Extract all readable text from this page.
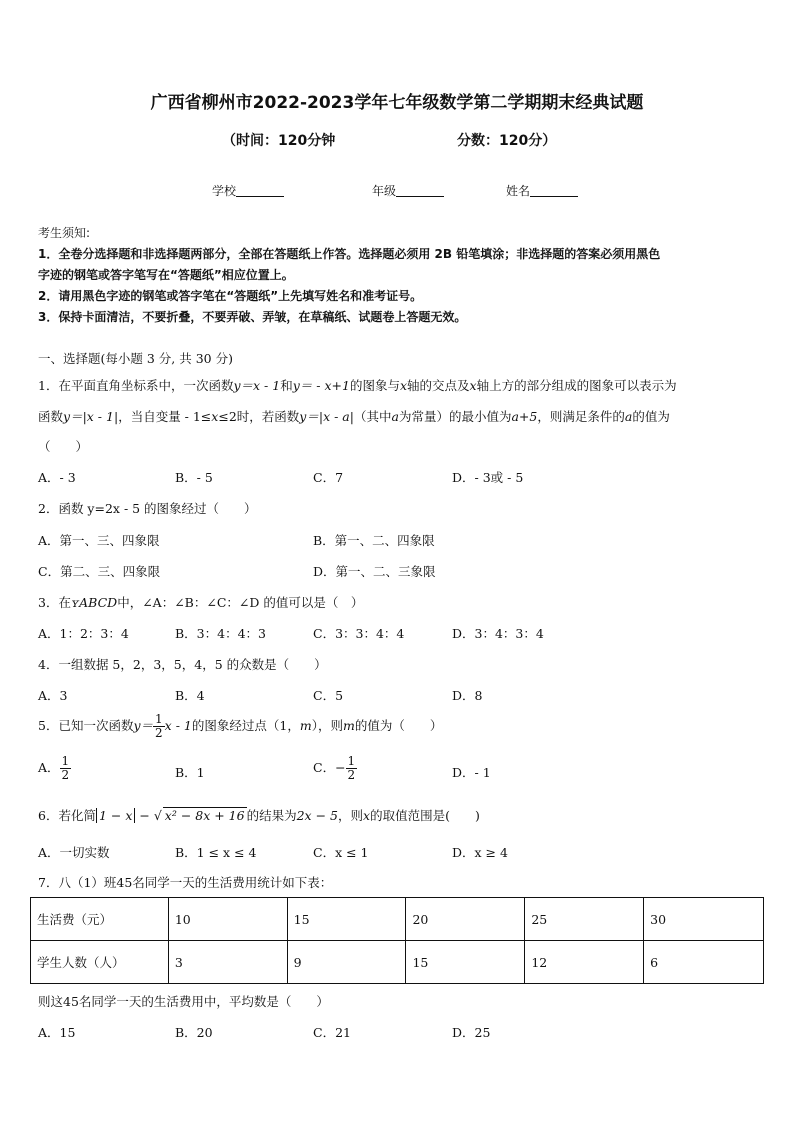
广西省柳州市2022-2023学年七年级数学第二学期期末经典试题
（时间：120分钟	分数：120分）
学校	年级	姓名
考生须知:
1．全卷分选择题和非选择题两部分，全部在答题纸上作答。选择题必须用 2B 铅笔填涂；非选择题的答案必须用黑色
字迹的钢笔或答字笔写在“答题纸”相应位置上。
2．请用黑色字迹的钢笔或答字笔在“答题纸”上先填写姓名和准考证号。
3．保持卡面清洁，不要折叠，不要弄破、弄皱，在草稿纸、试题卷上答题无效。
一、选择题(每小题 3 分, 共 30 分)
1．在平面直角坐标系中，一次函数y＝x - 1和y＝ - x+1的图象与x轴的交点及x轴上方的部分组成的图象可以表示为
函数y＝|x - 1|，当自变量 - 1≤x≤2时，若函数y＝|x - a|（其中a为常量）的最小值为a+5，则满足条件的a的值为
（　　）
A．- 3	B．- 5	C．7	D．- 3或 - 5
2．函数 y=2x - 5 的图象经过（　　）
A．第一、三、四象限	B．第一、二、四象限
C．第二、三、四象限	D．第一、二、三象限
3．在ʏABCD中，∠A：∠B：∠C：∠D 的值可以是（　）
A．1：2：3：4	B．3：4：4：3	C．3：3：4：4	D．3：4：3：4
4．一组数据 5，2，3，5，4，5 的众数是（　　）
A．3	B．4	C．5	D．8
5．已知一次函数$y= \frac{1}{2}$ x - 1的图象经过点（1，m），则m的值为（　　）
A． $\frac{1}{2}$	B．1	C．− $\frac{1}{2}$	D．- 1
6．若化简 1 − x − √ x² − 8x + 16 的结果为2x − 5，则x的取值范围是(　　)
A．一切实数	B．1 ≤ x ≤ 4	C．x ≤ 1	D．x ≥ 4
7．八（1）班45名同学一天的生活费用统计如下表：
生活费（元）	10	15	20	25	30
学生人数（人）	3	9	15	12	6
则这45名同学一天的生活费用中，平均数是（　　）
A．15	B．20	C．21	D．25
